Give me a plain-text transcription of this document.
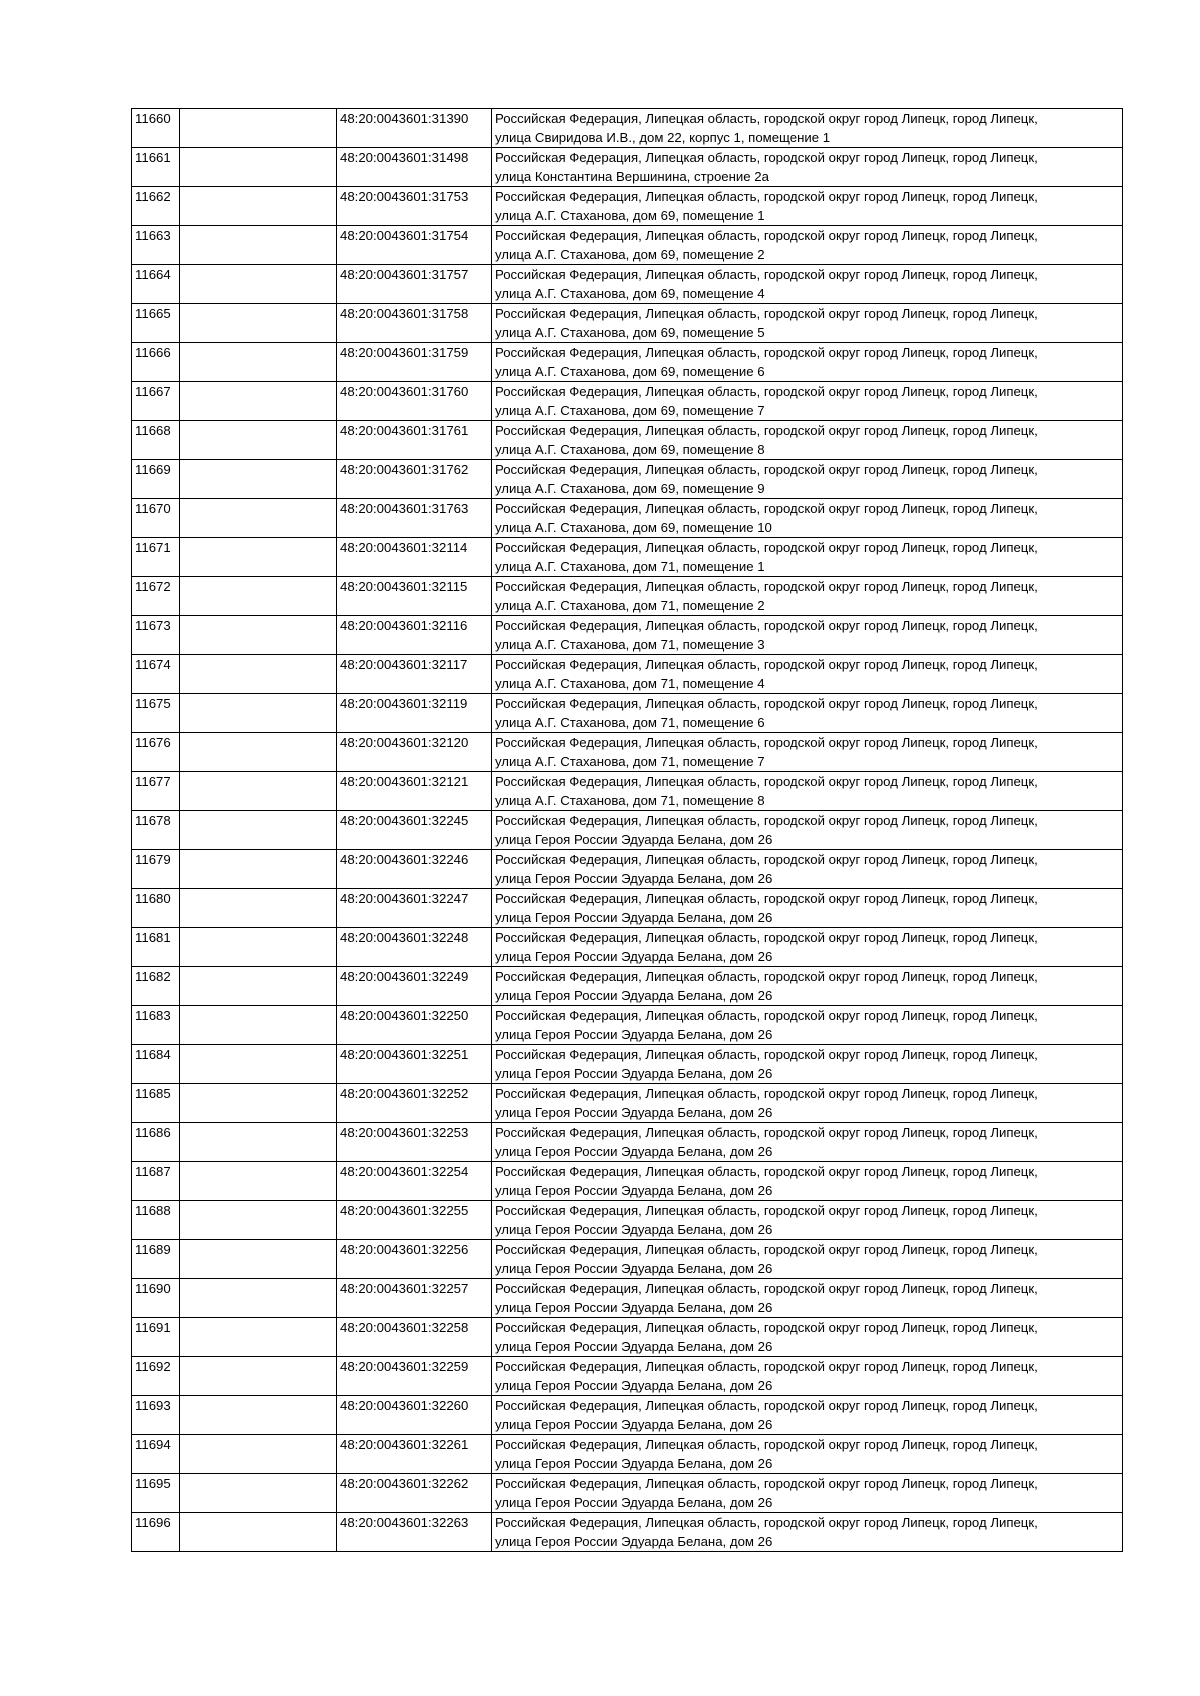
11660		48:20:0043601:31390	Российская Федерация, Липецкая область, городской округ город Липецк, город Липецк,
улица Свиридова И.В., дом 22, корпус 1, помещение 1

11661		48:20:0043601:31498	Российская Федерация, Липецкая область, городской округ город Липецк, город Липецк,
улица Константина Вершинина, строение 2а

11662		48:20:0043601:31753	Российская Федерация, Липецкая область, городской округ город Липецк, город Липецк,
улица А.Г. Стаханова, дом 69, помещение 1

11663		48:20:0043601:31754	Российская Федерация, Липецкая область, городской округ город Липецк, город Липецк,
улица А.Г. Стаханова, дом 69, помещение 2

11664		48:20:0043601:31757	Российская Федерация, Липецкая область, городской округ город Липецк, город Липецк,
улица А.Г. Стаханова, дом 69, помещение 4

11665		48:20:0043601:31758	Российская Федерация, Липецкая область, городской округ город Липецк, город Липецк,
улица А.Г. Стаханова, дом 69, помещение 5

11666		48:20:0043601:31759	Российская Федерация, Липецкая область, городской округ город Липецк, город Липецк,
улица А.Г. Стаханова, дом 69, помещение 6

11667		48:20:0043601:31760	Российская Федерация, Липецкая область, городской округ город Липецк, город Липецк,
улица А.Г. Стаханова, дом 69, помещение 7

11668		48:20:0043601:31761	Российская Федерация, Липецкая область, городской округ город Липецк, город Липецк,
улица А.Г. Стаханова, дом 69, помещение 8

11669		48:20:0043601:31762	Российская Федерация, Липецкая область, городской округ город Липецк, город Липецк,
улица А.Г. Стаханова, дом 69, помещение 9

11670		48:20:0043601:31763	Российская Федерация, Липецкая область, городской округ город Липецк, город Липецк,
улица А.Г. Стаханова, дом 69, помещение 10

11671		48:20:0043601:32114	Российская Федерация, Липецкая область, городской округ город Липецк, город Липецк,
улица А.Г. Стаханова, дом 71, помещение 1

11672		48:20:0043601:32115	Российская Федерация, Липецкая область, городской округ город Липецк, город Липецк,
улица А.Г. Стаханова, дом 71, помещение 2

11673		48:20:0043601:32116	Российская Федерация, Липецкая область, городской округ город Липецк, город Липецк,
улица А.Г. Стаханова, дом 71, помещение 3

11674		48:20:0043601:32117	Российская Федерация, Липецкая область, городской округ город Липецк, город Липецк,
улица А.Г. Стаханова, дом 71, помещение 4

11675		48:20:0043601:32119	Российская Федерация, Липецкая область, городской округ город Липецк, город Липецк,
улица А.Г. Стаханова, дом 71, помещение 6

11676		48:20:0043601:32120	Российская Федерация, Липецкая область, городской округ город Липецк, город Липецк,
улица А.Г. Стаханова, дом 71, помещение 7

11677		48:20:0043601:32121	Российская Федерация, Липецкая область, городской округ город Липецк, город Липецк,
улица А.Г. Стаханова, дом 71, помещение 8

11678		48:20:0043601:32245	Российская Федерация, Липецкая область, городской округ город Липецк, город Липецк,
улица Героя России Эдуарда Белана, дом 26

11679		48:20:0043601:32246	Российская Федерация, Липецкая область, городской округ город Липецк, город Липецк,
улица Героя России Эдуарда Белана, дом 26

11680		48:20:0043601:32247	Российская Федерация, Липецкая область, городской округ город Липецк, город Липецк,
улица Героя России Эдуарда Белана, дом 26

11681		48:20:0043601:32248	Российская Федерация, Липецкая область, городской округ город Липецк, город Липецк,
улица Героя России Эдуарда Белана, дом 26

11682		48:20:0043601:32249	Российская Федерация, Липецкая область, городской округ город Липецк, город Липецк,
улица Героя России Эдуарда Белана, дом 26

11683		48:20:0043601:32250	Российская Федерация, Липецкая область, городской округ город Липецк, город Липецк,
улица Героя России Эдуарда Белана, дом 26

11684		48:20:0043601:32251	Российская Федерация, Липецкая область, городской округ город Липецк, город Липецк,
улица Героя России Эдуарда Белана, дом 26

11685		48:20:0043601:32252	Российская Федерация, Липецкая область, городской округ город Липецк, город Липецк,
улица Героя России Эдуарда Белана, дом 26

11686		48:20:0043601:32253	Российская Федерация, Липецкая область, городской округ город Липецк, город Липецк,
улица Героя России Эдуарда Белана, дом 26

11687		48:20:0043601:32254	Российская Федерация, Липецкая область, городской округ город Липецк, город Липецк,
улица Героя России Эдуарда Белана, дом 26

11688		48:20:0043601:32255	Российская Федерация, Липецкая область, городской округ город Липецк, город Липецк,
улица Героя России Эдуарда Белана, дом 26

11689		48:20:0043601:32256	Российская Федерация, Липецкая область, городской округ город Липецк, город Липецк,
улица Героя России Эдуарда Белана, дом 26

11690		48:20:0043601:32257	Российская Федерация, Липецкая область, городской округ город Липецк, город Липецк,
улица Героя России Эдуарда Белана, дом 26

11691		48:20:0043601:32258	Российская Федерация, Липецкая область, городской округ город Липецк, город Липецк,
улица Героя России Эдуарда Белана, дом 26

11692		48:20:0043601:32259	Российская Федерация, Липецкая область, городской округ город Липецк, город Липецк,
улица Героя России Эдуарда Белана, дом 26

11693		48:20:0043601:32260	Российская Федерация, Липецкая область, городской округ город Липецк, город Липецк,
улица Героя России Эдуарда Белана, дом 26

11694		48:20:0043601:32261	Российская Федерация, Липецкая область, городской округ город Липецк, город Липецк,
улица Героя России Эдуарда Белана, дом 26

11695		48:20:0043601:32262	Российская Федерация, Липецкая область, городской округ город Липецк, город Липецк,
улица Героя России Эдуарда Белана, дом 26

11696		48:20:0043601:32263	Российская Федерация, Липецкая область, городской округ город Липецк, город Липецк,
улица Героя России Эдуарда Белана, дом 26
